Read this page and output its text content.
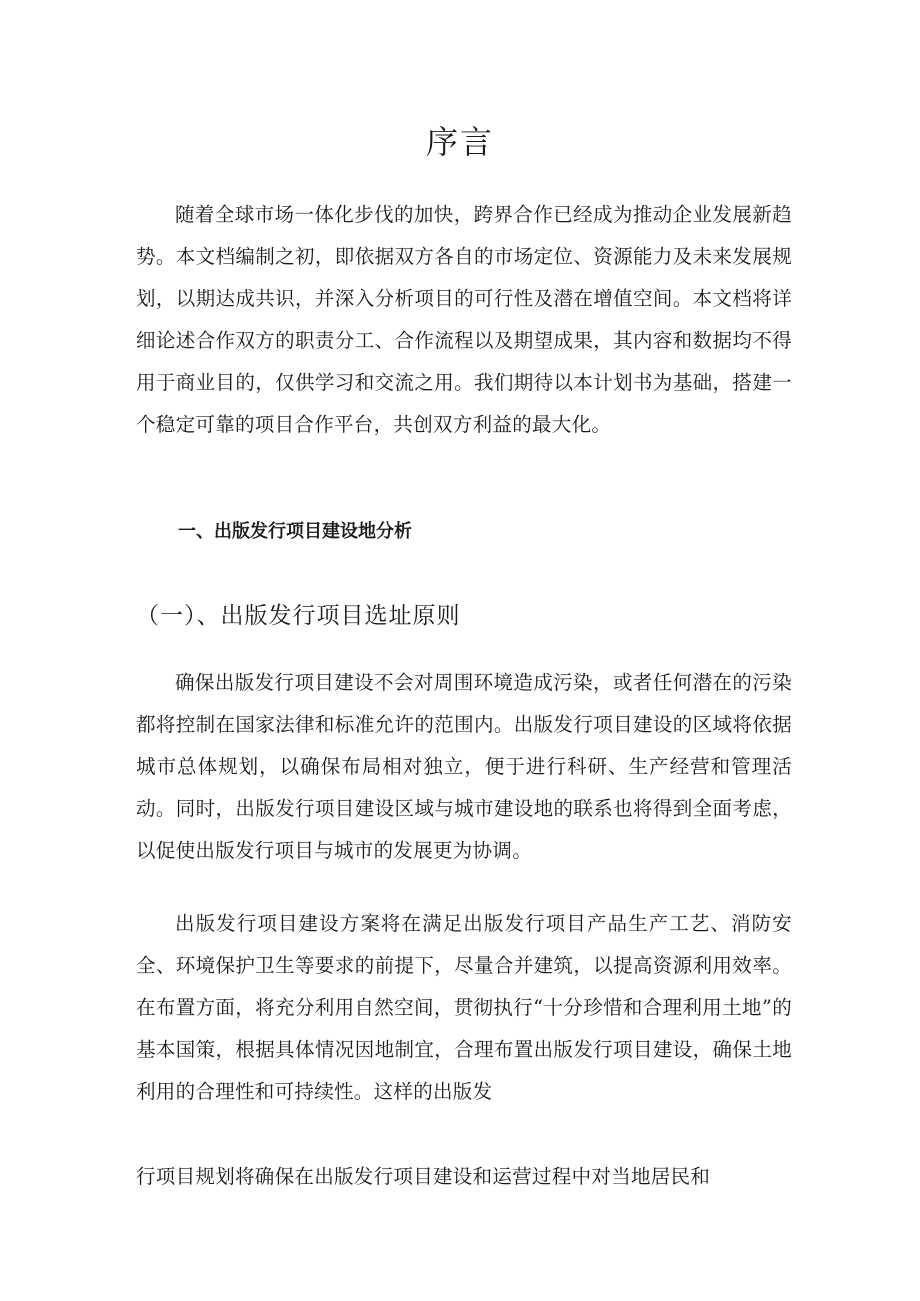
序言

随着全球市场一体化步伐的加快，跨界合作已经成为推动企业发展新趋势。本文档编制之初，即依据双方各自的市场定位、资源能力及未来发展规划，以期达成共识，并深入分析项目的可行性及潜在增值空间。本文档将详细论述合作双方的职责分工、合作流程以及期望成果，其内容和数据均不得用于商业目的，仅供学习和交流之用。我们期待以本计划书为基础，搭建一个稳定可靠的项目合作平台，共创双方利益的最大化。

一、出版发行项目建设地分析
（一）、出版发行项目选址原则

确保出版发行项目建设不会对周围环境造成污染，或者任何潜在的污染都将控制在国家法律和标准允许的范围内。出版发行项目建设的区域将依据城市总体规划，以确保布局相对独立，便于进行科研、生产经营和管理活动。同时，出版发行项目建设区域与城市建设地的联系也将得到全面考虑，以促使出版发行项目与城市的发展更为协调。

出版发行项目建设方案将在满足出版发行项目产品生产工艺、消防安全、环境保护卫生等要求的前提下，尽量合并建筑，以提高资源利用效率。在布置方面，将充分利用自然空间，贯彻执行“十分珍惜和合理利用土地”的基本国策，根据具体情况因地制宜，合理布置出版发行项目建设，确保土地利用的合理性和可持续性。这样的出版发

行项目规划将确保在出版发行项目建设和运营过程中对当地居民和
